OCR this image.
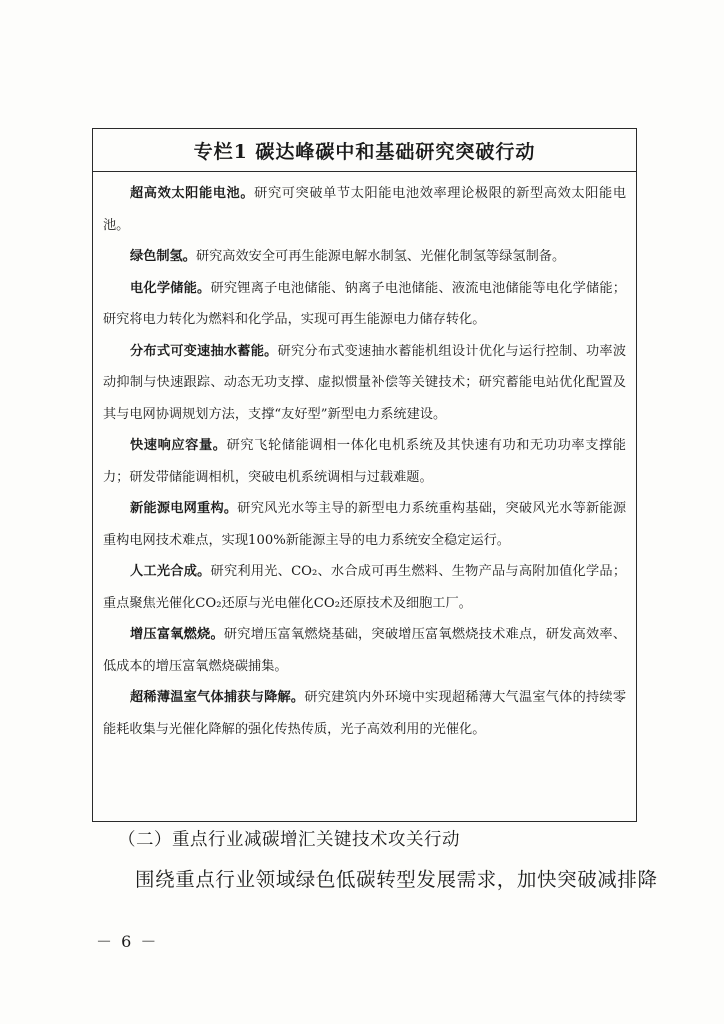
专栏1 碳达峰碳中和基础研究突破行动

超高效太阳能电池。研究可突破单节太阳能电池效率理论极限的新型高效太阳能电池。

绿色制氢。研究高效安全可再生能源电解水制氢、光催化制氢等绿氢制备。

电化学储能。研究锂离子电池储能、钠离子电池储能、液流电池储能等电化学储能；研究将电力转化为燃料和化学品，实现可再生能源电力储存转化。

分布式可变速抽水蓄能。研究分布式变速抽水蓄能机组设计优化与运行控制、功率波动抑制与快速跟踪、动态无功支撑、虚拟惯量补偿等关键技术；研究蓄能电站优化配置及其与电网协调规划方法，支撑“友好型”新型电力系统建设。

快速响应容量。研究飞轮储能调相一体化电机系统及其快速有功和无功功率支撑能力；研发带储能调相机，突破电机系统调相与过载难题。

新能源电网重构。研究风光水等主导的新型电力系统重构基础，突破风光水等新能源重构电网技术难点，实现100%新能源主导的电力系统安全稳定运行。

人工光合成。研究利用光、CO₂、水合成可再生燃料、生物产品与高附加值化学品；重点聚焦光催化CO₂还原与光电催化CO₂还原技术及细胞工厂。

增压富氧燃烧。研究增压富氧燃烧基础，突破增压富氧燃烧技术难点，研发高效率、低成本的增压富氧燃烧碳捕集。

超稀薄温室气体捕获与降解。研究建筑内外环境中实现超稀薄大气温室气体的持续零能耗收集与光催化降解的强化传热传质，光子高效利用的光催化。

（二）重点行业减碳增汇关键技术攻关行动
围绕重点行业领域绿色低碳转型发展需求，加快突破减排降
－ 6 －
